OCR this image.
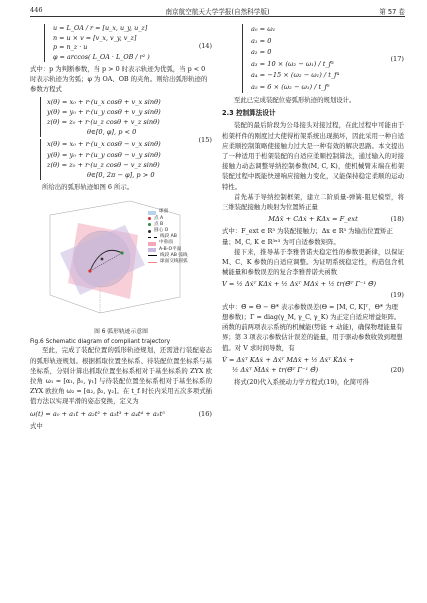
446	南京航空航天大学学报(自然科学版)	第 57 卷
u = L_OA / r = [u_x, u_y, u_z]
n = u × v = [v_x, v_y, v_z]
p = n_z · u
φ = arccos( L_OA · L_OB / r² )
(14)

式中：p 为判断参数，当 p > 0 时表示轨迹为优弧，当 p < 0 时表示轨迹为劣弧；φ 为 OA、OB 的夹角。则给出弧形轨迹的参数方程式

x(θ) = x₀ + r·(u_x cosθ + v_x sinθ)
y(θ) = y₀ + r·(u_y cosθ + v_y sinθ)
z(θ) = z₀ + r·(u_z cosθ + v_z sinθ)
θ∈[0, φ], p < 0
x(θ) = x₀ + r·(u_x cosθ − v_x sinθ)
y(θ) = y₀ + r·(u_y cosθ − v_y sinθ)
z(θ) = z₀ + r·(u_z cosθ − v_z sinθ)
θ∈[0, 2π − φ], p > 0
(15)

所给出的弧形轨迹如图 6 所示。

球面
点 A
点 B
圆心 O
线段 AB
中垂面
A-B-O平面
线段 AB 弧线
球面交线圆弧

图 6 弧形轨迹示意图

Fig.6 Schematic diagram of compliant trajectory

至此，完成了装配位置的弧形轨迹规划，还需进行装配姿态的弧形轨迹规划。根据抓取位置坐标系、待装配位置坐标系与基坐标系，分别计算出抓取位置坐标系相对于基坐标系的 ZYX 欧拉角 ω₁ = [α₁, β₁, γ₁] 与待装配位置坐标系相对于基坐标系的 ZYX 欧拉角 ω₂ = [α₂, β₂, γ₂]。在 t_f 时长内采用五次多项式插值方法以实现平滑的姿态变换，定义为

ω(t) = a₀ + a₁t + a₂t² + a₃t³ + a₄t⁴ + a₅t⁵	(16)

式中

a₀ = ω₁
a₁ = 0
a₂ = 0
a₃ = 10 × (ω₂ − ω₁) / t_f³
a₄ = −15 × (ω₂ − ω₁) / t_f⁴
a₅ = 6 × (ω₂ − ω₁) / t_f⁵
(17)

至此已完成装配位姿弧形轨迹的规划设计。

2.3 控制算法设计

装配的最后阶段为公母接头对接过程，在此过程中可能由于桁架杆件的刚度过大使得桁架系统出现损坏，因此采用一种自适应柔顺控制策略使接触力过大是一种有效的解决思路。本文提出了一种适用于桁架装配的自适应柔顺控制算法，通过输入的对接接触力动态调整导纳控制参数(M, C, K)，使机械臂末端在桁架装配过程中既能快速响应接触力变化，又能保持稳定柔顺的运动特性。

首先基于导纳控制框架，建立二阶质量-弹簧-阻尼模型，将三维装配接触力映射为位置矫正量

MΔẍ + CΔẋ + KΔx = F_ext	(18)

式中：F_ext ∈ R³ 为装配接触力；Δx ∈ R³ 为输出位置矫正量；M, C, K ∈ R³ˣ³ 为可自适参数矩阵。

接下来，推导基于李雅普诺夫稳定性的参数更新律，以保证 M、C、K 参数的自适应调整。为证明系统稳定性，构造包含机械能量和参数误差的复合李雅普诺夫函数

V = ½ Δẋᵀ KΔẋ + ½ Δẋᵀ MΔẋ + ½ tr(Θ̃ᵀ Γ⁻¹ Θ̃)
(19)

式中：Θ̃ = Θ − Θ* 表示参数误差(Θ = [M, C, K]ᵀ，Θ* 为理想参数)；Γ = diag(γ_M, γ_C, γ_K) 为正定自适应增益矩阵。函数的前两项表示系统的机械能(势能 + 动能)，确保物理能量有界；第 3 项表示参数估计误差的能量，用于驱动参数收敛到理想值。对 V 求时间导数，有

V̇ = Δẋᵀ KΔẋ + Δẋᵀ MΔẍ + ½ Δẋᵀ K̇Δẋ +
½ Δẋᵀ ṀΔẋ + tr(Θ̃ᵀ Γ⁻¹ Θ̃̇)	(20)

将式(20)代入系统动力学方程式(19)，化简可得
